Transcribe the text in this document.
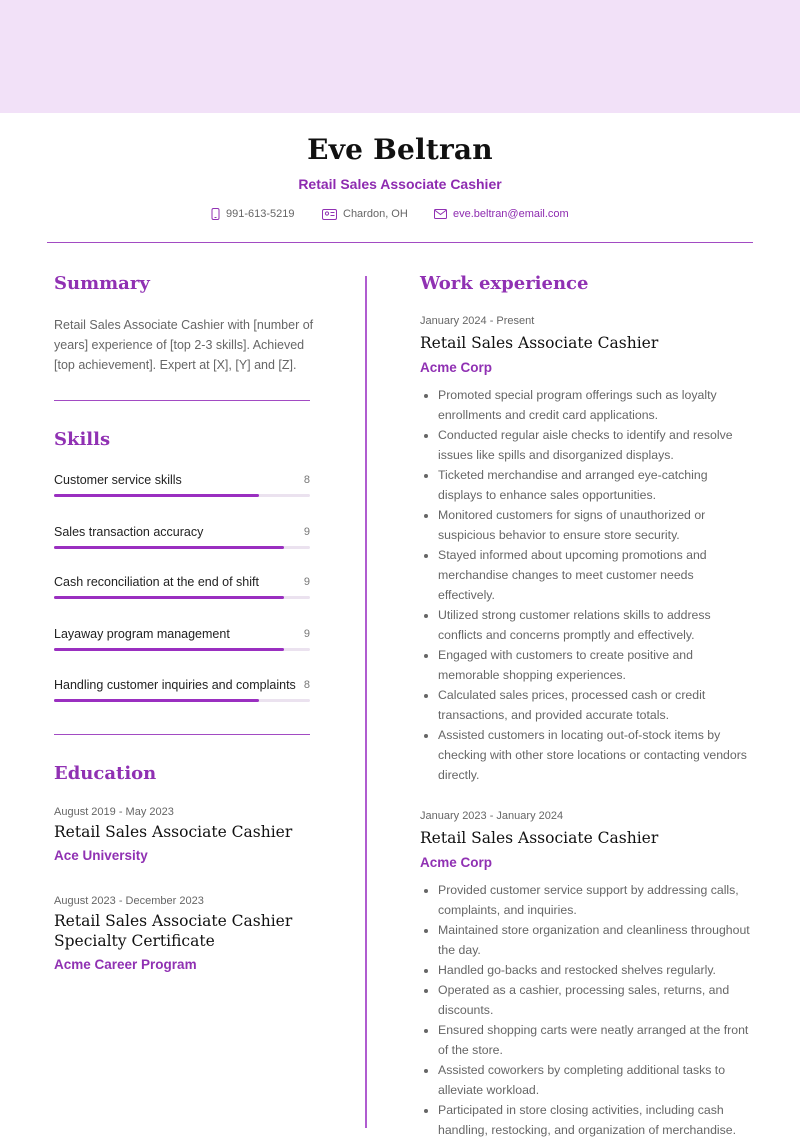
Eve Beltran
Retail Sales Associate Cashier
991-613-5219	Chardon, OH	eve.beltran@email.com
Summary
Retail Sales Associate Cashier with [number of years] experience of [top 2-3 skills]. Achieved [top achievement]. Expert at [X], [Y] and [Z].
Skills
Customer service skills	8
Sales transaction accuracy	9
Cash reconciliation at the end of shift	9
Layaway program management	9
Handling customer inquiries and complaints 8
Education
August 2019 - May 2023
Retail Sales Associate Cashier
Ace University
August 2023 - December 2023
Retail Sales Associate Cashier Specialty Certificate
Acme Career Program
Work experience
January 2024 - Present
Retail Sales Associate Cashier
Acme Corp
• Promoted special program offerings such as loyalty enrollments and credit card applications.
• Conducted regular aisle checks to identify and resolve issues like spills and disorganized displays.
• Ticketed merchandise and arranged eye-catching displays to enhance sales opportunities.
• Monitored customers for signs of unauthorized or suspicious behavior to ensure store security.
• Stayed informed about upcoming promotions and merchandise changes to meet customer needs effectively.
• Utilized strong customer relations skills to address conflicts and concerns promptly and effectively.
• Engaged with customers to create positive and memorable shopping experiences.
• Calculated sales prices, processed cash or credit transactions, and provided accurate totals.
• Assisted customers in locating out-of-stock items by checking with other store locations or contacting vendors directly.
January 2023 - January 2024
Retail Sales Associate Cashier
Acme Corp
• Provided customer service support by addressing calls, complaints, and inquiries.
• Maintained store organization and cleanliness throughout the day.
• Handled go-backs and restocked shelves regularly.
• Operated as a cashier, processing sales, returns, and discounts.
• Ensured shopping carts were neatly arranged at the front of the store.
• Assisted coworkers by completing additional tasks to alleviate workload.
• Participated in store closing activities, including cash handling, restocking, and organization of merchandise.
